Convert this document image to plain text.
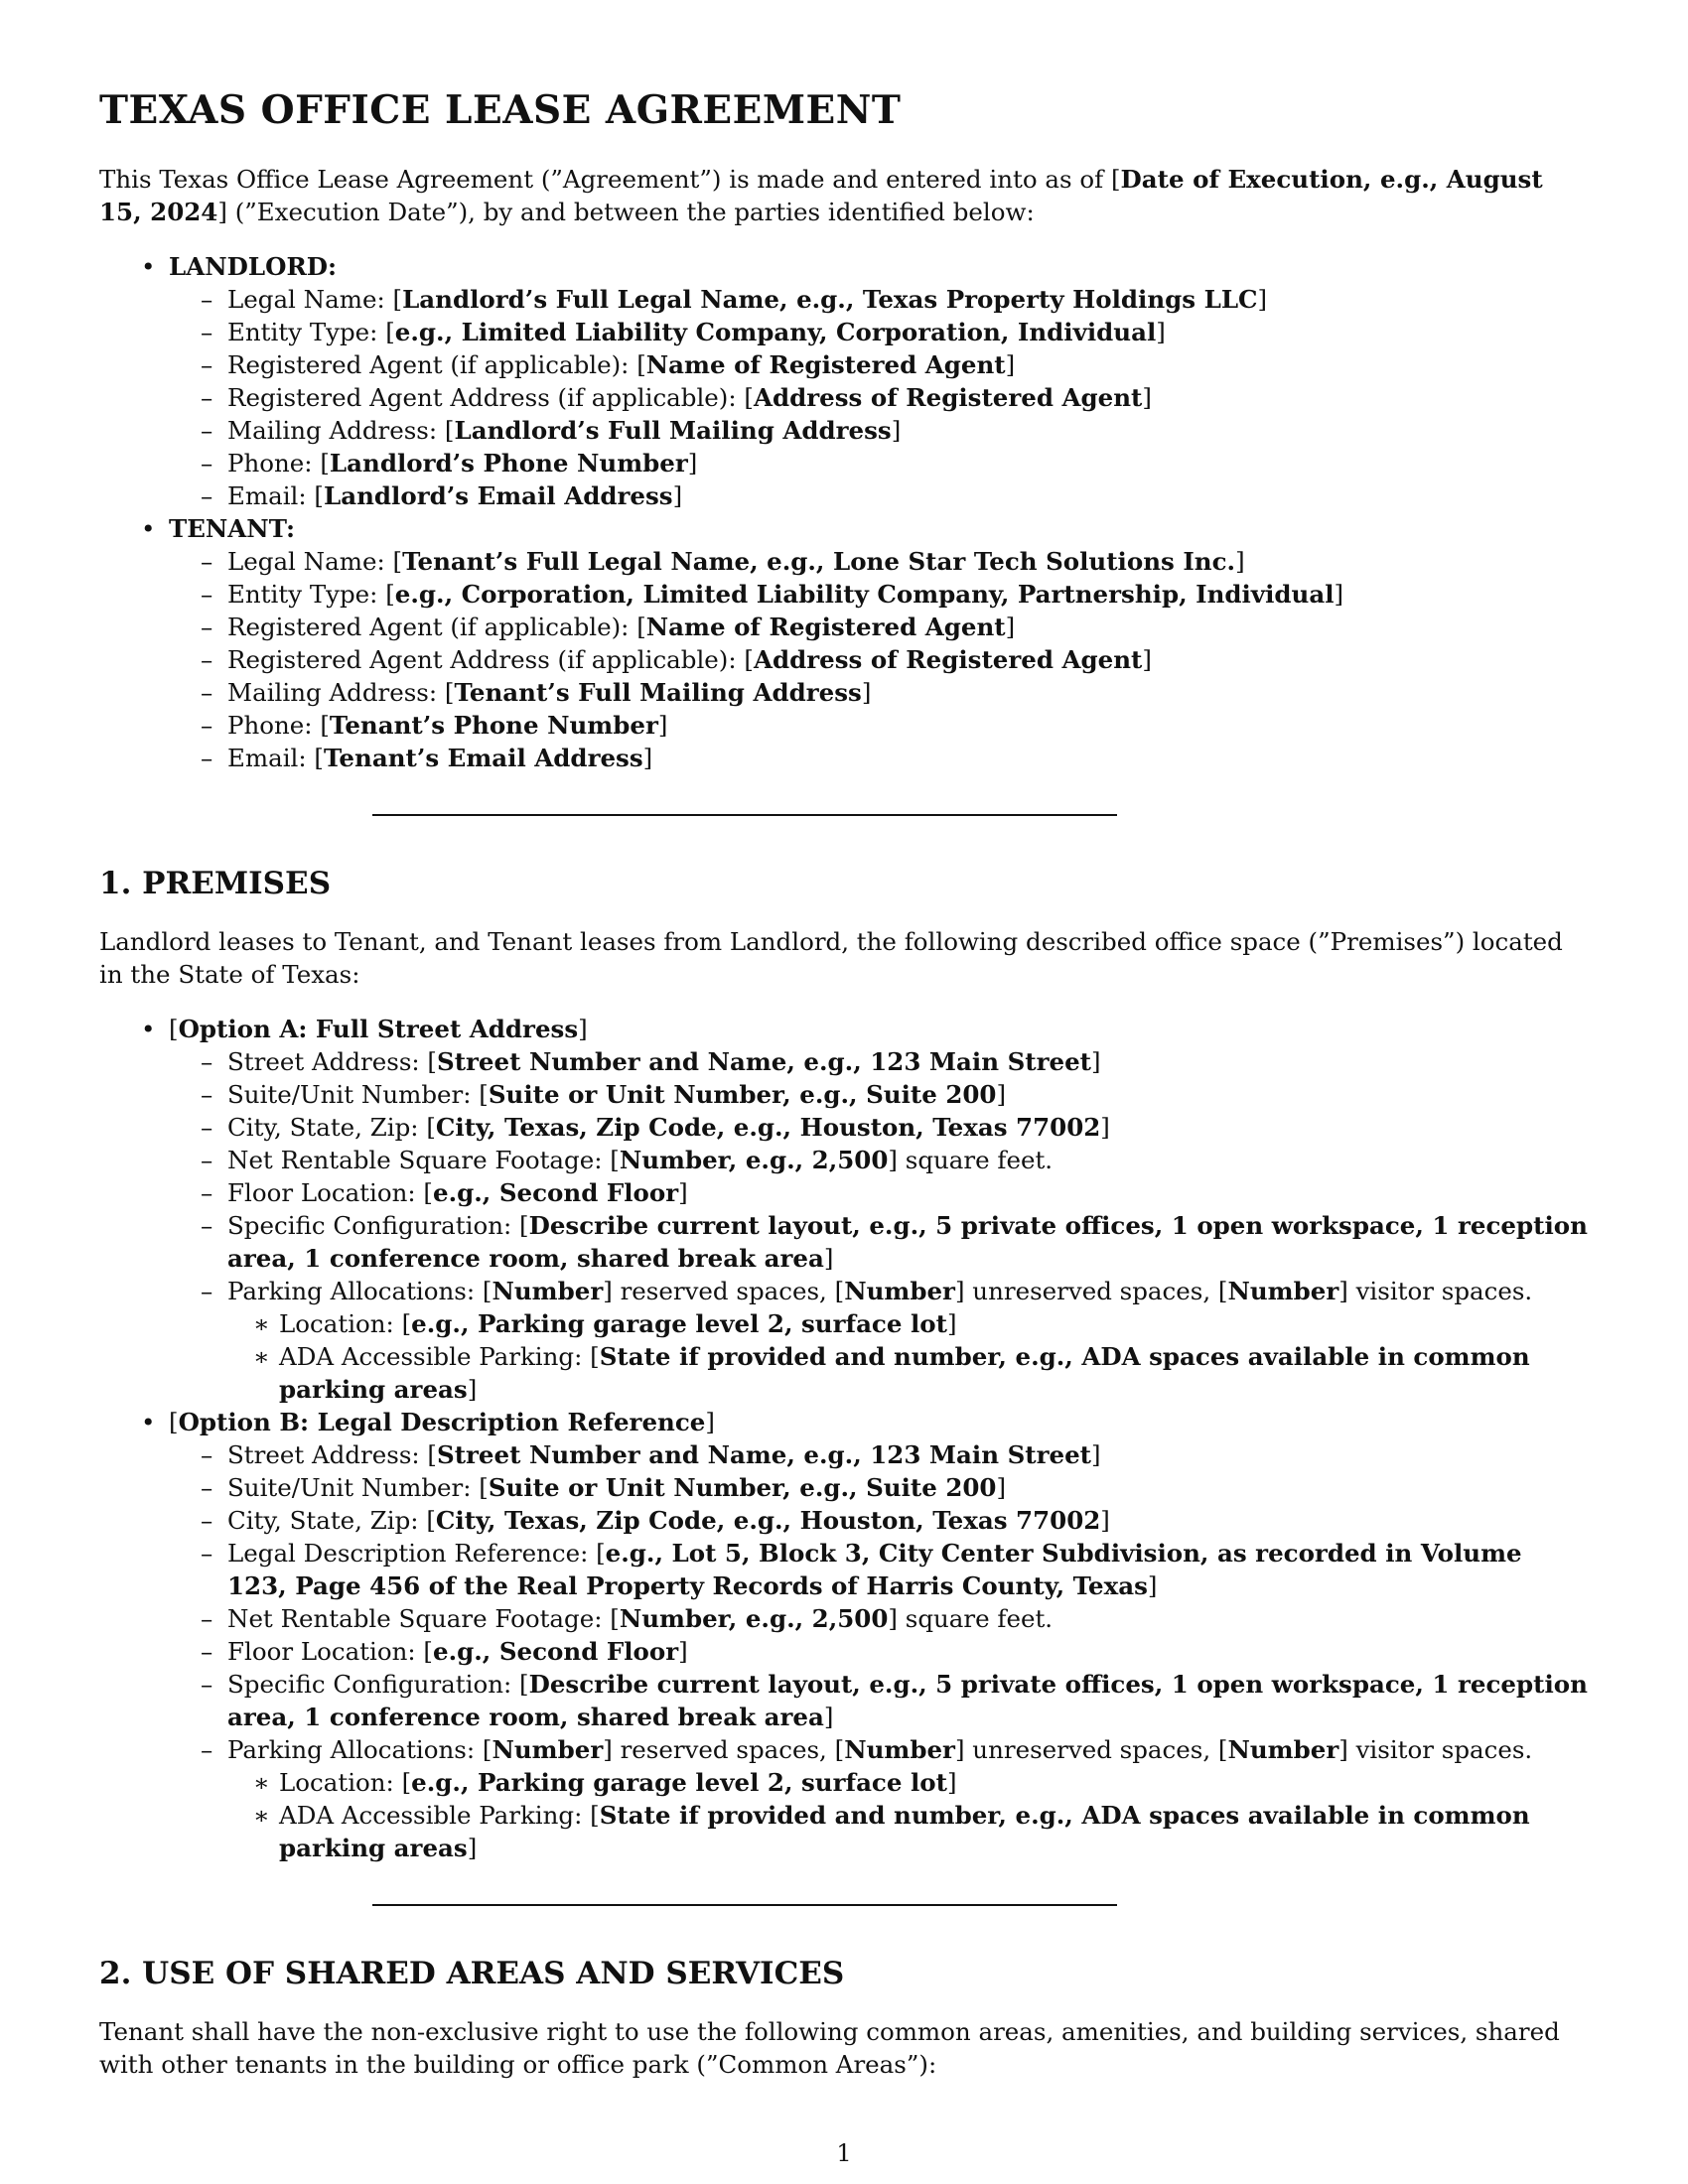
TEXAS OFFICE LEASE AGREEMENT

This Texas Office Lease Agreement (”Agreement”) is made and entered into as of [Date of Execution, e.g., August 15, 2024] (”Execution Date”), by and between the parties identified below:

• LANDLORD:
– Legal Name: [Landlord’s Full Legal Name, e.g., Texas Property Holdings LLC]
– Entity Type: [e.g., Limited Liability Company, Corporation, Individual]
– Registered Agent (if applicable): [Name of Registered Agent]
– Registered Agent Address (if applicable): [Address of Registered Agent]
– Mailing Address: [Landlord’s Full Mailing Address]
– Phone: [Landlord’s Phone Number]
– Email: [Landlord’s Email Address]
• TENANT:
– Legal Name: [Tenant’s Full Legal Name, e.g., Lone Star Tech Solutions Inc.]
– Entity Type: [e.g., Corporation, Limited Liability Company, Partnership, Individual]
– Registered Agent (if applicable): [Name of Registered Agent]
– Registered Agent Address (if applicable): [Address of Registered Agent]
– Mailing Address: [Tenant’s Full Mailing Address]
– Phone: [Tenant’s Phone Number]
– Email: [Tenant’s Email Address]
1. PREMISES

Landlord leases to Tenant, and Tenant leases from Landlord, the following described office space (”Premises”) located in the State of Texas:

• [Option A: Full Street Address]
– Street Address: [Street Number and Name, e.g., 123 Main Street]
– Suite/Unit Number: [Suite or Unit Number, e.g., Suite 200]
– City, State, Zip: [City, Texas, Zip Code, e.g., Houston, Texas 77002]
– Net Rentable Square Footage: [Number, e.g., 2,500] square feet.
– Floor Location: [e.g., Second Floor]
– Specific Configuration: [Describe current layout, e.g., 5 private offices, 1 open workspace, 1 reception area, 1 conference room, shared break area]
– Parking Allocations: [Number] reserved spaces, [Number] unreserved spaces, [Number] visitor spaces.
∗ Location: [e.g., Parking garage level 2, surface lot]
∗ ADA Accessible Parking: [State if provided and number, e.g., ADA spaces available in common parking areas]
• [Option B: Legal Description Reference]
– Street Address: [Street Number and Name, e.g., 123 Main Street]
– Suite/Unit Number: [Suite or Unit Number, e.g., Suite 200]
– City, State, Zip: [City, Texas, Zip Code, e.g., Houston, Texas 77002]
– Legal Description Reference: [e.g., Lot 5, Block 3, City Center Subdivision, as recorded in Volume 123, Page 456 of the Real Property Records of Harris County, Texas]
– Net Rentable Square Footage: [Number, e.g., 2,500] square feet.
– Floor Location: [e.g., Second Floor]
– Specific Configuration: [Describe current layout, e.g., 5 private offices, 1 open workspace, 1 reception area, 1 conference room, shared break area]
– Parking Allocations: [Number] reserved spaces, [Number] unreserved spaces, [Number] visitor spaces.
∗ Location: [e.g., Parking garage level 2, surface lot]
∗ ADA Accessible Parking: [State if provided and number, e.g., ADA spaces available in common parking areas]
2. USE OF SHARED AREAS AND SERVICES

Tenant shall have the non-exclusive right to use the following common areas, amenities, and building services, shared with other tenants in the building or office park (”Common Areas”):

1
